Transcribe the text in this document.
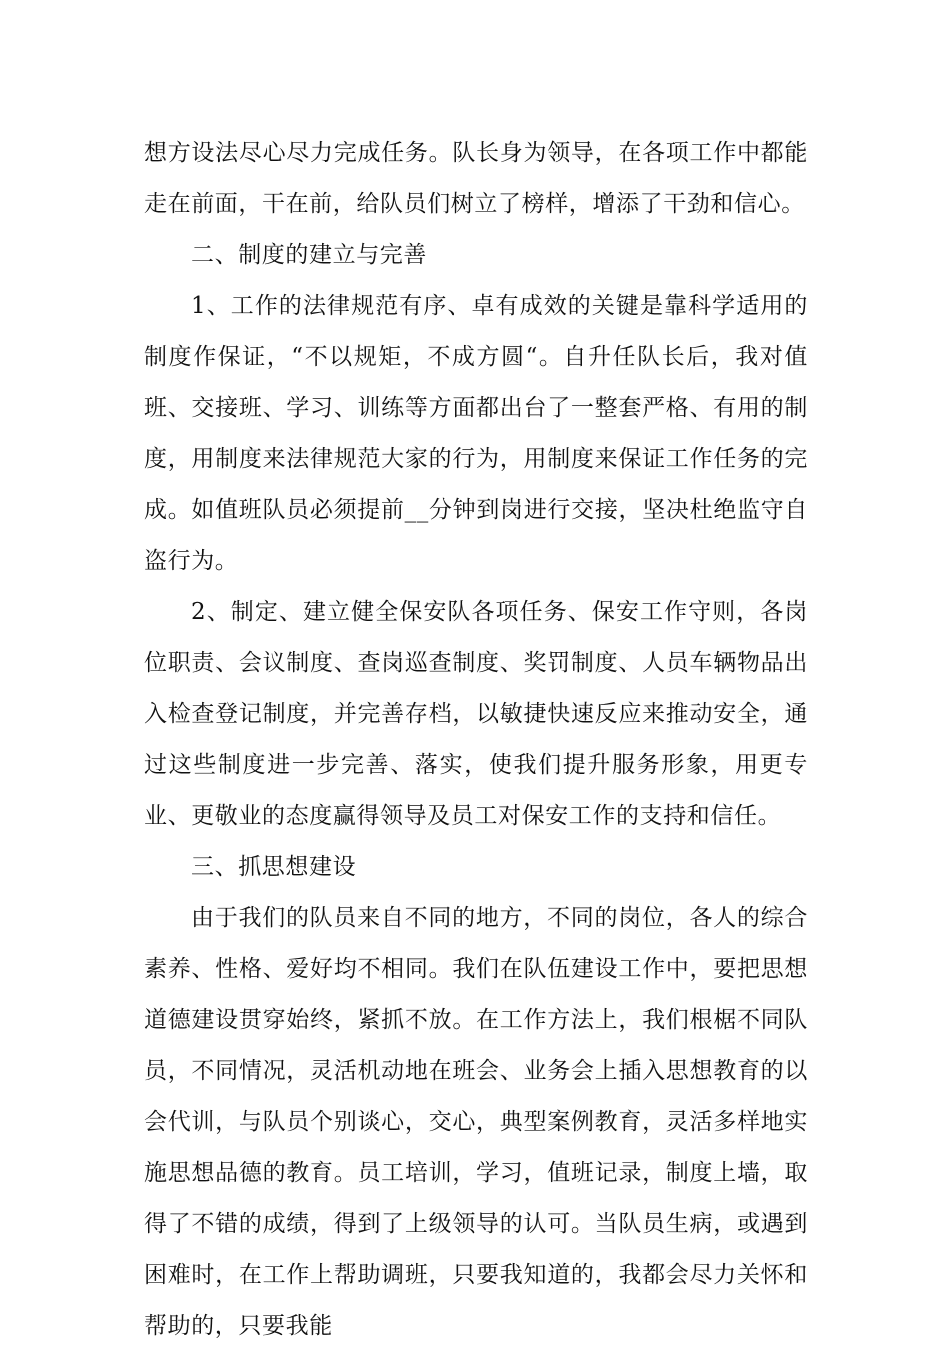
想方设法尽心尽力完成任务。队长身为领导，在各项工作中都能走在前面，干在前，给队员们树立了榜样，增添了干劲和信心。

二、制度的建立与完善

1、工作的法律规范有序、卓有成效的关键是靠科学适用的制度作保证，“不以规矩，不成方圆“。自升任队长后，我对值班、交接班、学习、训练等方面都出台了一整套严格、有用的制度，用制度来法律规范大家的行为，用制度来保证工作任务的完成。如值班队员必须提前__分钟到岗进行交接，坚决杜绝监守自盗行为。

2、制定、建立健全保安队各项任务、保安工作守则，各岗位职责、会议制度、查岗巡查制度、奖罚制度、人员车辆物品出入检查登记制度，并完善存档，以敏捷快速反应来推动安全，通过这些制度进一步完善、落实，使我们提升服务形象，用更专业、更敬业的态度赢得领导及员工对保安工作的支持和信任。

三、抓思想建设

由于我们的队员来自不同的地方，不同的岗位，各人的综合素养、性格、爱好均不相同。我们在队伍建设工作中，要把思想道德建设贯穿始终，紧抓不放。在工作方法上，我们根椐不同队员，不同情况，灵活机动地在班会、业务会上插入思想教育的以会代训，与队员个别谈心，交心，典型案例教育，灵活多样地实施思想品德的教育。员工培训，学习，值班记录，制度上墙，取得了不错的成绩，得到了上级领导的认可。当队员生病，或遇到困难时，在工作上帮助调班，只要我知道的，我都会尽力关怀和帮助的，只要我能
